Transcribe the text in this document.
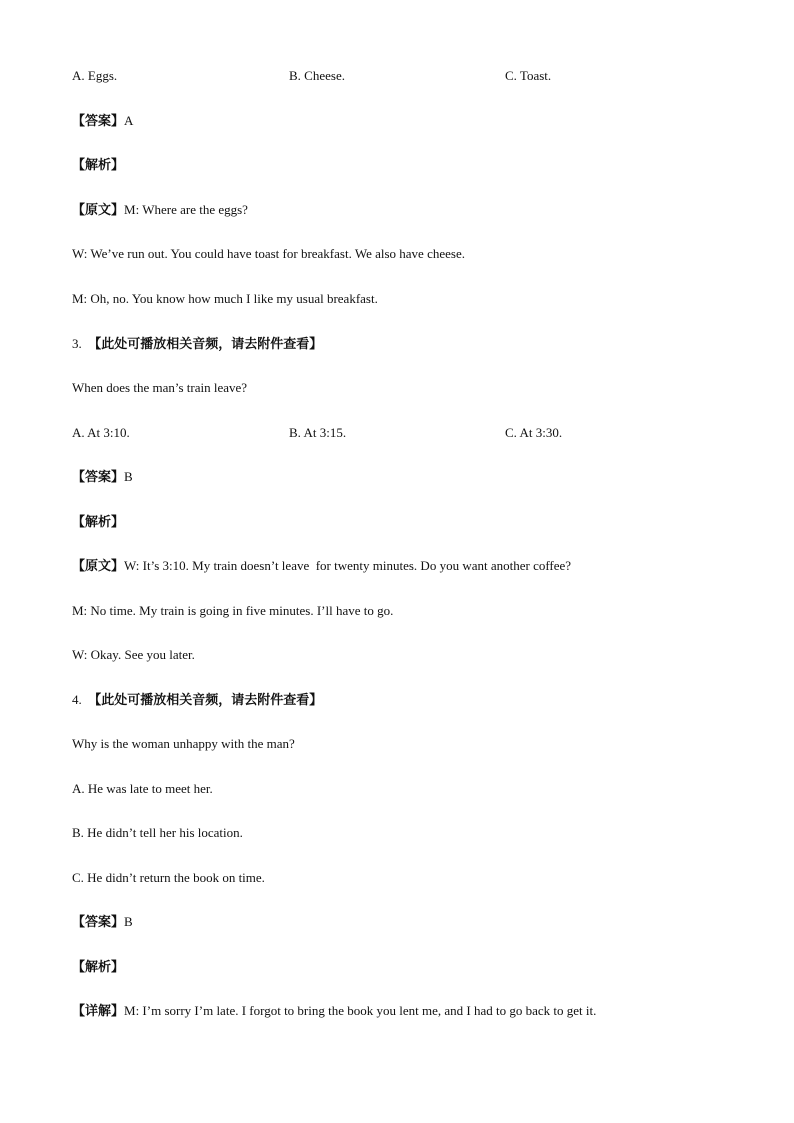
A. Eggs.	B. Cheese.	C. Toast.
【答案】A
【解析】
【原文】M: Where are the eggs?
W: We’ve run out. You could have toast for breakfast. We also have cheese.
M: Oh, no. You know how much I like my usual breakfast.
3. 【此处可播放相关音频，请去附件查看】
When does the man’s train leave?
A. At 3:10.	B. At 3:15.	C. At 3:30.
【答案】B
【解析】
【原文】W: It’s 3:10. My train doesn’t leave  for twenty minutes. Do you want another coffee?
M: No time. My train is going in five minutes. I’ll have to go.
W: Okay. See you later.
4. 【此处可播放相关音频，请去附件查看】
Why is the woman unhappy with the man?
A. He was late to meet her.
B. He didn’t tell her his location.
C. He didn’t return the book on time.
【答案】B
【解析】
【详解】M: I’m sorry I’m late. I forgot to bring the book you lent me, and I had to go back to get it.
